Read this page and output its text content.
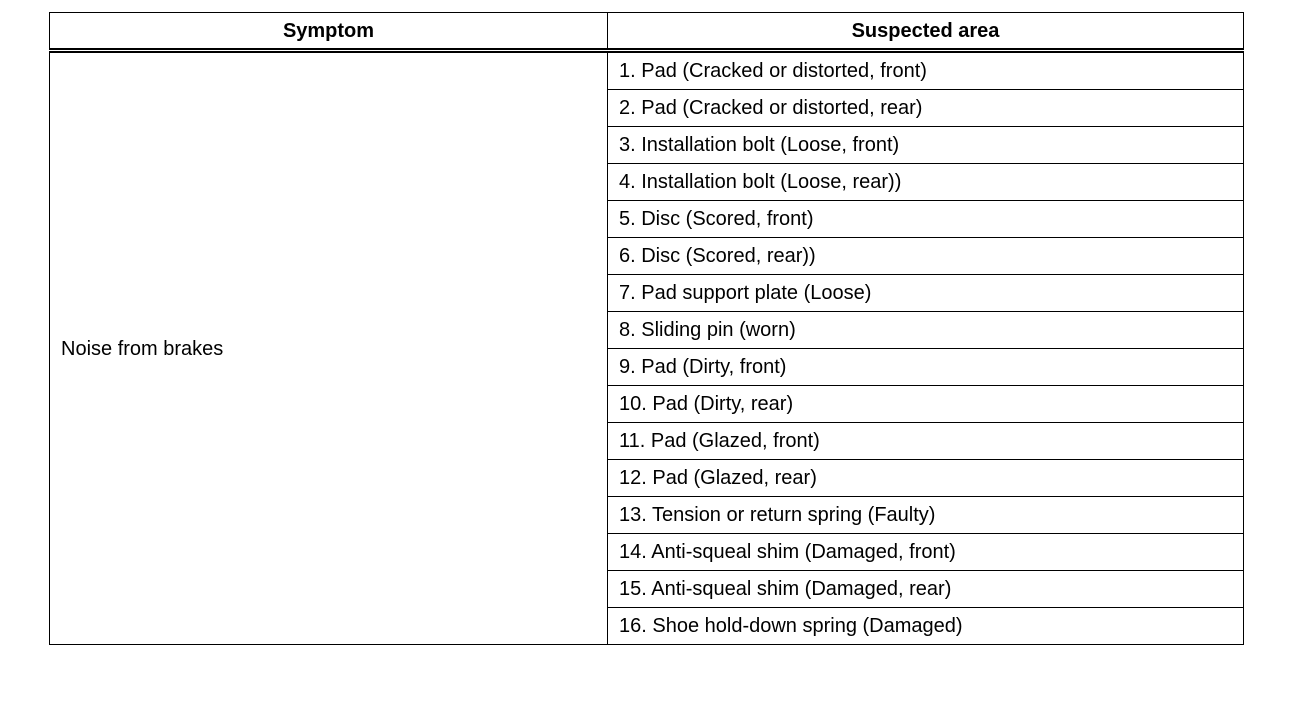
Symptom	Suspected area
Noise from brakes	1. Pad (Cracked or distorted, front)
	2. Pad (Cracked or distorted, rear)
	3. Installation bolt (Loose, front)
	4. Installation bolt (Loose, rear))
	5. Disc (Scored, front)
	6. Disc (Scored, rear))
	7. Pad support plate (Loose)
	8. Sliding pin (worn)
	9. Pad (Dirty, front)
	10. Pad (Dirty, rear)
	11. Pad (Glazed, front)
	12. Pad (Glazed, rear)
	13. Tension or return spring (Faulty)
	14. Anti-squeal shim (Damaged, front)
	15. Anti-squeal shim (Damaged, rear)
	16. Shoe hold-down spring (Damaged)
